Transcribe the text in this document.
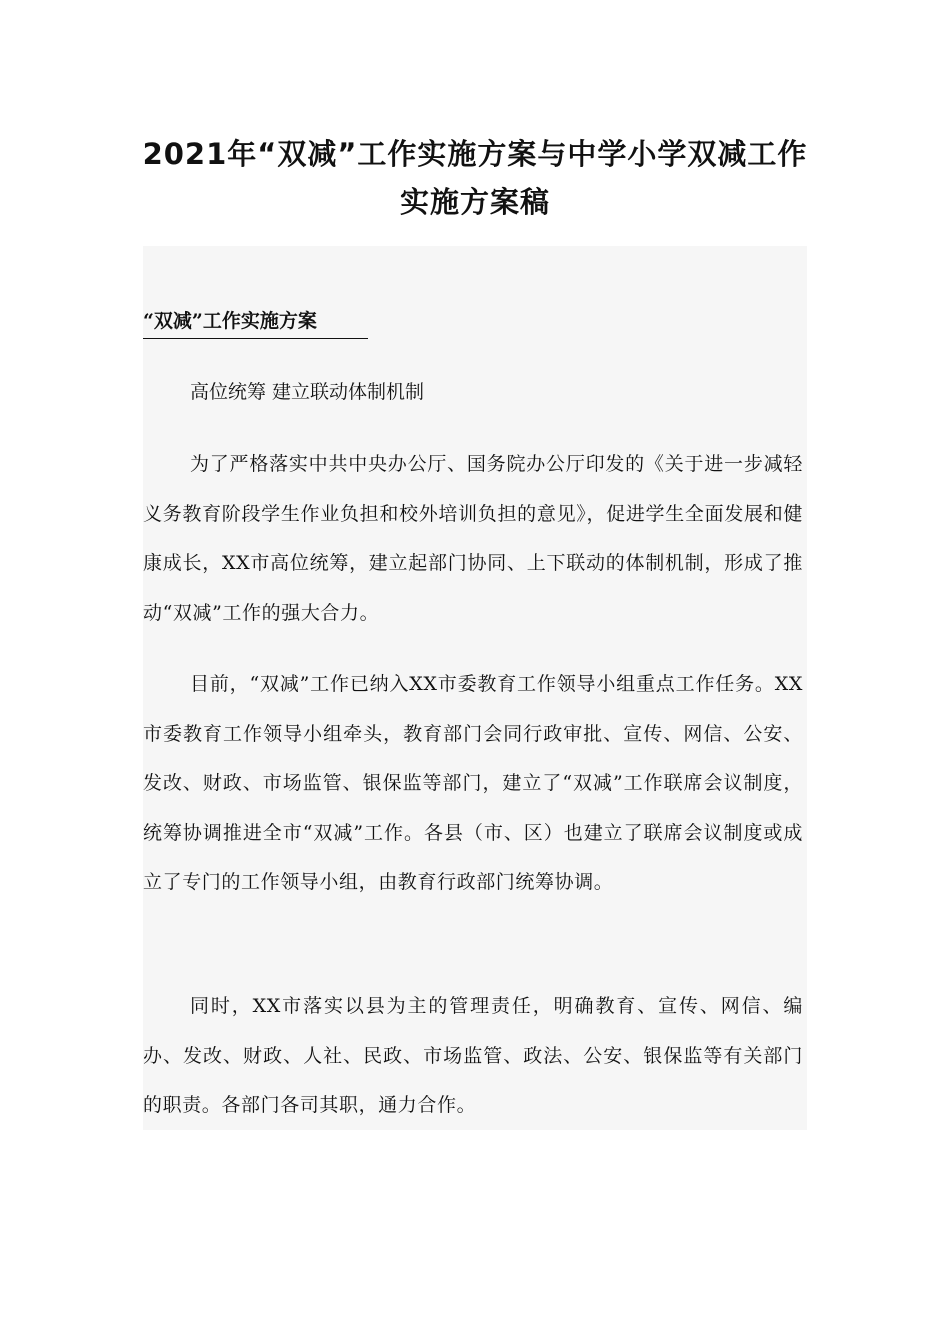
2021年“双减”工作实施方案与中学小学双减工作
实施方案稿
“双减”工作实施方案

高位统筹 建立联动体制机制

为了严格落实中共中央办公厅、国务院办公厅印发的《关于进一步减轻义务教育阶段学生作业负担和校外培训负担的意见》，促进学生全面发展和健康成长，XX市高位统筹，建立起部门协同、上下联动的体制机制，形成了推动“双减”工作的强大合力。

目前，“双减”工作已纳入XX市委教育工作领导小组重点工作任务。XX市委教育工作领导小组牵头，教育部门会同行政审批、宣传、网信、公安、发改、财政、市场监管、银保监等部门，建立了“双减”工作联席会议制度，统筹协调推进全市“双减”工作。各县（市、区）也建立了联席会议制度或成立了专门的工作领导小组，由教育行政部门统筹协调。

同时，XX市落实以县为主的管理责任，明确教育、宣传、网信、编办、发改、财政、人社、民政、市场监管、政法、公安、银保监等有关部门的职责。各部门各司其职，通力合作。
